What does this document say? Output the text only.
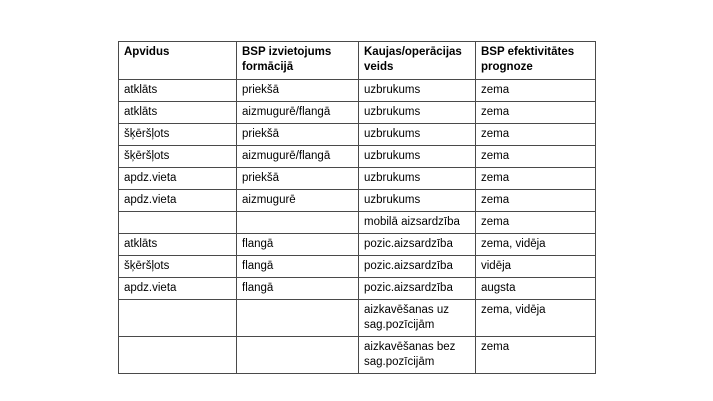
Apvidus	BSP izvietojums formācijā	Kaujas/operācijas veids	BSP efektivitātes prognoze
atklāts	priekšā	uzbrukums	zema
atklāts	aizmugurē/flangā	uzbrukums	zema
šķēršļots	priekšā	uzbrukums	zema
šķēršļots	aizmugurē/flangā	uzbrukums	zema
apdz.vieta	priekšā	uzbrukums	zema
apdz.vieta	aizmugurē	uzbrukums	zema
		mobilā aizsardzība	zema
atklāts	flangā	pozic.aizsardzība	zema, vidēja
šķēršļots	flangā	pozic.aizsardzība	vidēja
apdz.vieta	flangā	pozic.aizsardzība	augsta
		aizkavēšanas uz sag.pozīcijām	zema, vidēja
		aizkavēšanas bez sag.pozīcijām	zema
